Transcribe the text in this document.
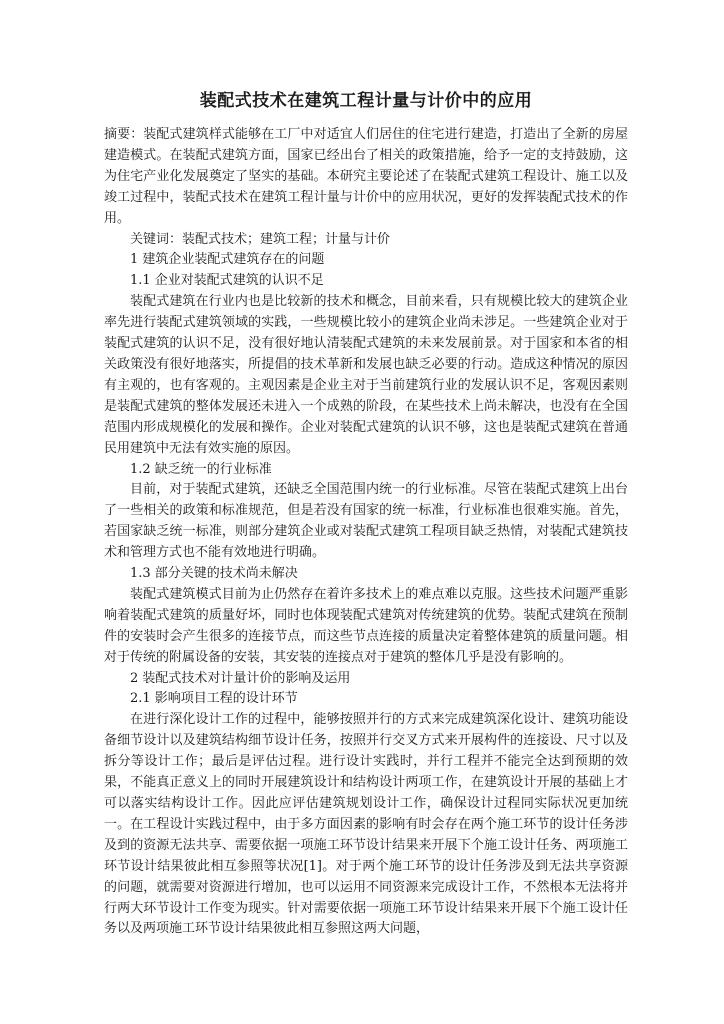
装配式技术在建筑工程计量与计价中的应用

摘要：装配式建筑样式能够在工厂中对适宜人们居住的住宅进行建造，打造出了全新的房屋建造模式。在装配式建筑方面，国家已经出台了相关的政策措施，给予一定的支持鼓励，这为住宅产业化发展奠定了坚实的基础。本研究主要论述了在装配式建筑工程设计、施工以及竣工过程中，装配式技术在建筑工程计量与计价中的应用状况，更好的发挥装配式技术的作用。

关键词：装配式技术；建筑工程；计量与计价

1 建筑企业装配式建筑存在的问题

1.1 企业对装配式建筑的认识不足

装配式建筑在行业内也是比较新的技术和概念，目前来看，只有规模比较大的建筑企业率先进行装配式建筑领域的实践，一些规模比较小的建筑企业尚未涉足。一些建筑企业对于装配式建筑的认识不足，没有很好地认清装配式建筑的未来发展前景。对于国家和本省的相关政策没有很好地落实，所提倡的技术革新和发展也缺乏必要的行动。造成这种情况的原因有主观的，也有客观的。主观因素是企业主对于当前建筑行业的发展认识不足，客观因素则是装配式建筑的整体发展还未进入一个成熟的阶段，在某些技术上尚未解决，也没有在全国范围内形成规模化的发展和操作。企业对装配式建筑的认识不够，这也是装配式建筑在普通民用建筑中无法有效实施的原因。

1.2 缺乏统一的行业标准

目前，对于装配式建筑，还缺乏全国范围内统一的行业标准。尽管在装配式建筑上出台了一些相关的政策和标准规范，但是若没有国家的统一标准，行业标准也很难实施。首先，若国家缺乏统一标准，则部分建筑企业或对装配式建筑工程项目缺乏热情，对装配式建筑技术和管理方式也不能有效地进行明确。

1.3 部分关键的技术尚未解决

装配式建筑模式目前为止仍然存在着许多技术上的难点难以克服。这些技术问题严重影响着装配式建筑的质量好坏，同时也体现装配式建筑对传统建筑的优势。装配式建筑在预制件的安装时会产生很多的连接节点，而这些节点连接的质量决定着整体建筑的质量问题。相对于传统的附属设备的安装，其安装的连接点对于建筑的整体几乎是没有影响的。

2 装配式技术对计量计价的影响及运用

2.1 影响项目工程的设计环节

在进行深化设计工作的过程中，能够按照并行的方式来完成建筑深化设计、建筑功能设备细节设计以及建筑结构细节设计任务，按照并行交叉方式来开展构件的连接设、尺寸以及拆分等设计工作；最后是评估过程。进行设计实践时，并行工程并不能完全达到预期的效果，不能真正意义上的同时开展建筑设计和结构设计两项工作，在建筑设计开展的基础上才可以落实结构设计工作。因此应评估建筑规划设计工作，确保设计过程同实际状况更加统一。在工程设计实践过程中，由于多方面因素的影响有时会存在两个施工环节的设计任务涉及到的资源无法共享、需要依据一项施工环节设计结果来开展下个施工设计任务、两项施工环节设计结果彼此相互参照等状况[1]。对于两个施工环节的设计任务涉及到无法共享资源的问题，就需要对资源进行增加，也可以运用不同资源来完成设计工作，不然根本无法将并行两大环节设计工作变为现实。针对需要依据一项施工环节设计结果来开展下个施工设计任务以及两项施工环节设计结果彼此相互参照这两大问题，
